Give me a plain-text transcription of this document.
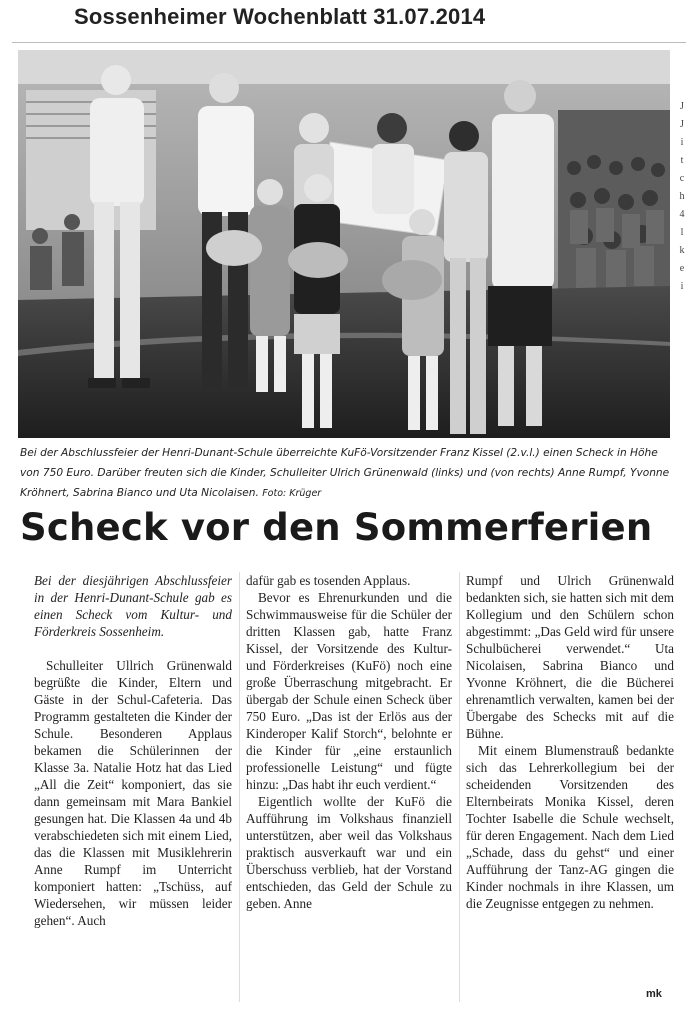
Sossenheimer Wochenblatt 31.07.2014
J
J
i
t
c
h
4
l
k
e
i
Bei der Abschlussfeier der Henri-Dunant-Schule überreichte KuFö-Vorsitzender Franz Kissel (2.v.l.) einen Scheck in Höhe von 750 Euro. Darüber freuten sich die Kinder, Schulleiter Ulrich Grünenwald (links) und (von rechts) Anne Rumpf, Yvonne Kröhnert, Sabrina Bianco und Uta Nicolaisen. Foto: Krüger
Scheck vor den Sommerferien

Bei der diesjährigen Abschlussfeier in der Henri-Dunant-Schule gab es einen Scheck vom Kultur- und Förderkreis Sossenheim.

Schulleiter Ullrich Grünenwald begrüßte die Kinder, Eltern und Gäste in der Schul-Cafeteria. Das Programm gestalteten die Kinder der Schule. Besonderen Applaus bekamen die Schülerinnen der Klasse 3a. Natalie Hotz hat das Lied „All die Zeit“ komponiert, das sie dann gemeinsam mit Mara Bankiel gesungen hat. Die Klassen 4a und 4b verabschiedeten sich mit einem Lied, das die Klassen mit Musiklehrerin Anne Rumpf im Unterricht komponiert hatten: „Tschüss, auf Wiedersehen, wir müssen leider gehen“. Auch

dafür gab es tosenden Applaus.

Bevor es Ehrenurkunden und die Schwimmausweise für die Schüler der dritten Klassen gab, hatte Franz Kissel, der Vorsitzende des Kultur- und Förderkreises (KuFö) noch eine große Überraschung mitgebracht. Er übergab der Schule einen Scheck über 750 Euro. „Das ist der Erlös aus der Kinderoper Kalif Storch“, belohnte er die Kinder für „eine erstaunlich professionelle Leistung“ und fügte hinzu: „Das habt ihr euch verdient.“

Eigentlich wollte der KuFö die Aufführung im Volkshaus finanziell unterstützen, aber weil das Volkshaus praktisch ausverkauft war und ein Überschuss verblieb, hat der Vorstand entschieden, das Geld der Schule zu geben. Anne

Rumpf und Ulrich Grünenwald bedankten sich, sie hatten sich mit dem Kollegium und den Schülern schon abgestimmt: „Das Geld wird für unsere Schulbücherei verwendet.“ Uta Nicolaisen, Sabrina Bianco und Yvonne Kröhnert, die die Bücherei ehrenamtlich verwalten, kamen bei der Übergabe des Schecks mit auf die Bühne.

Mit einem Blumenstrauß bedankte sich das Lehrerkollegium bei der scheidenden Vorsitzenden des Elternbeirats Monika Kissel, deren Tochter Isabelle die Schule wechselt, für deren Engagement. Nach dem Lied „Schade, dass du gehst“ und einer Aufführung der Tanz-AG gingen die Kinder nochmals in ihre Klassen, um die Zeugnisse entgegen zu nehmen.

mk
